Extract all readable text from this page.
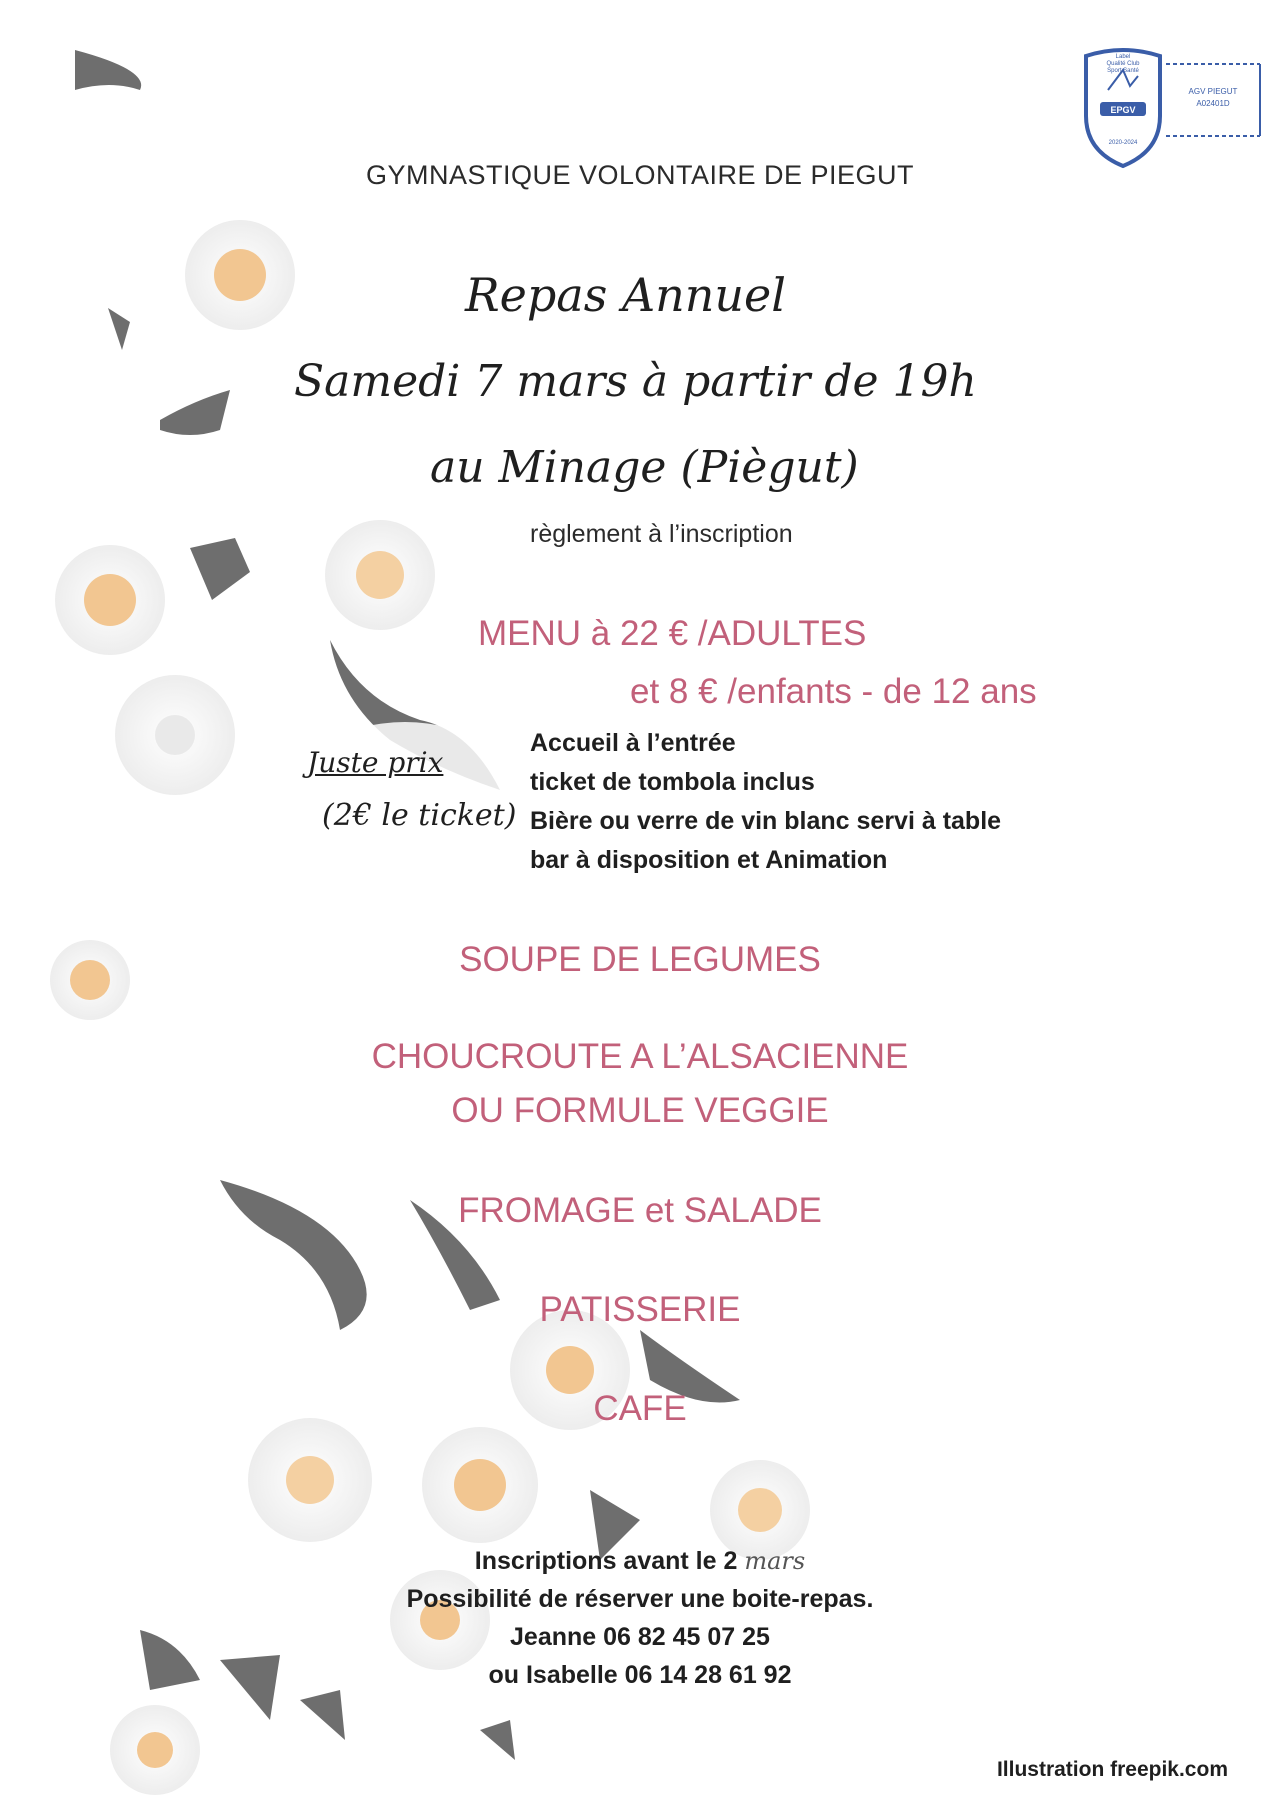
EPGV
Label
Qualité Club
Sport Santé
2020-2024
AGV PIEGUT
A02401D
GYMNASTIQUE VOLONTAIRE DE PIEGUT
Repas Annuel
Samedi 7 mars à partir de 19h
au Minage (Piègut)
règlement à l’inscription
MENU à 22 € /ADULTES
et 8 € /enfants - de 12 ans
Juste prix
(2€ le ticket)
Accueil à l’entrée
ticket de tombola inclus
Bière ou verre de vin blanc servi à table
bar à disposition et Animation
SOUPE DE LEGUMES
CHOUCROUTE A L’ALSACIENNE
OU FORMULE VEGGIE
FROMAGE et SALADE
PATISSERIE
CAFE
Inscriptions avant le 2 mars
Possibilité de réserver une boite-repas.
Jeanne 06 82 45 07 25
ou Isabelle 06 14 28 61 92
Illustration freepik.com
